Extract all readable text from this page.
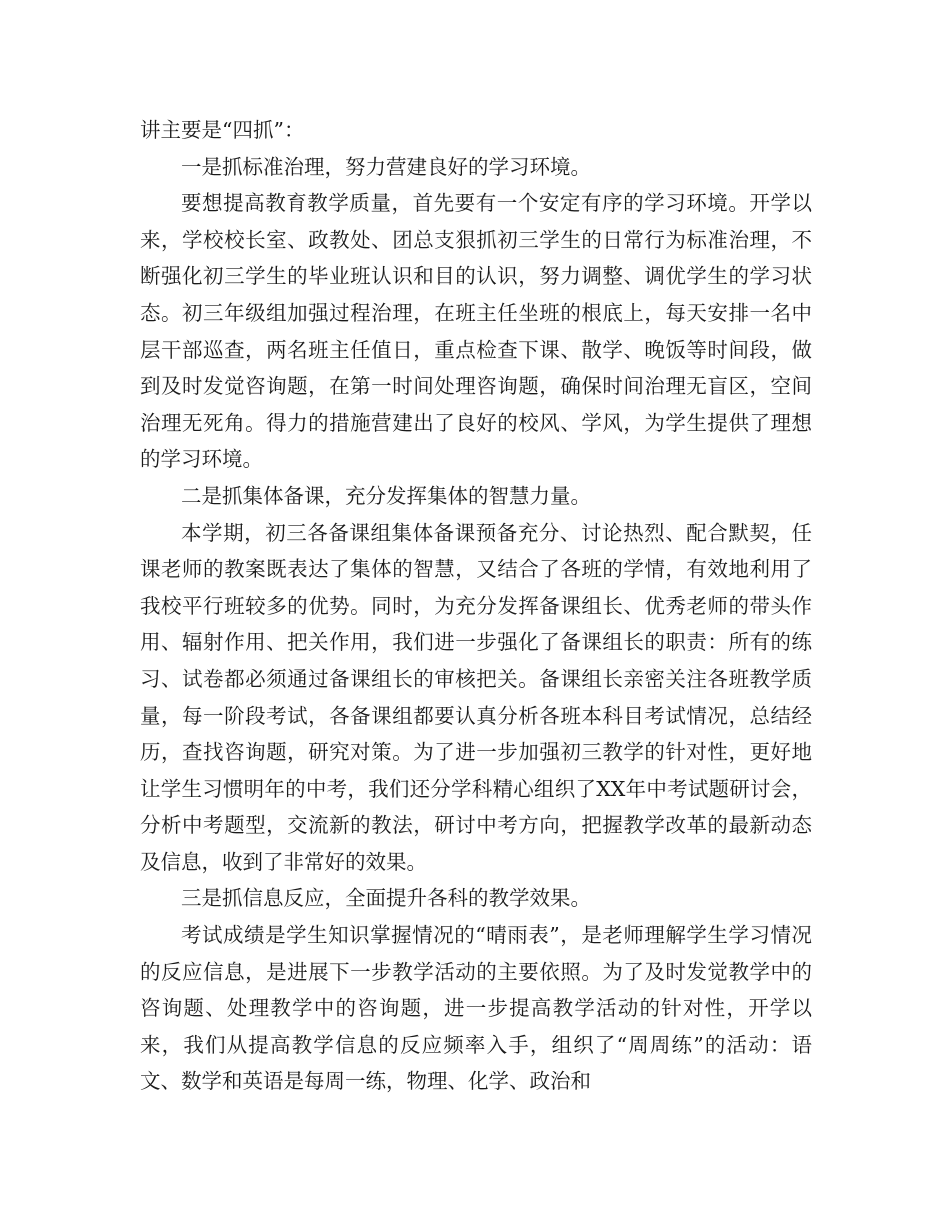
讲主要是“四抓”：

一是抓标准治理，努力营建良好的学习环境。

要想提高教育教学质量，首先要有一个安定有序的学习环境。开学以来，学校校长室、政教处、团总支狠抓初三学生的日常行为标准治理，不断强化初三学生的毕业班认识和目的认识，努力调整、调优学生的学习状态。初三年级组加强过程治理，在班主任坐班的根底上，每天安排一名中层干部巡查，两名班主任值日，重点检查下课、散学、晚饭等时间段，做到及时发觉咨询题，在第一时间处理咨询题，确保时间治理无盲区，空间治理无死角。得力的措施营建出了良好的校风、学风，为学生提供了理想的学习环境。

二是抓集体备课，充分发挥集体的智慧力量。

本学期，初三各备课组集体备课预备充分、讨论热烈、配合默契，任课老师的教案既表达了集体的智慧，又结合了各班的学情，有效地利用了我校平行班较多的优势。同时，为充分发挥备课组长、优秀老师的带头作用、辐射作用、把关作用，我们进一步强化了备课组长的职责：所有的练习、试卷都必须通过备课组长的审核把关。备课组长亲密关注各班教学质量，每一阶段考试，各备课组都要认真分析各班本科目考试情况，总结经历，查找咨询题，研究对策。为了进一步加强初三教学的针对性，更好地让学生习惯明年的中考，我们还分学科精心组织了XX年中考试题研讨会，分析中考题型，交流新的教法，研讨中考方向，把握教学改革的最新动态及信息，收到了非常好的效果。

三是抓信息反应，全面提升各科的教学效果。

考试成绩是学生知识掌握情况的“晴雨表”，是老师理解学生学习情况的反应信息，是进展下一步教学活动的主要依照。为了及时发觉教学中的咨询题、处理教学中的咨询题，进一步提高教学活动的针对性，开学以来，我们从提高教学信息的反应频率入手，组织了“周周练”的活动：语文、数学和英语是每周一练，物理、化学、政治和
